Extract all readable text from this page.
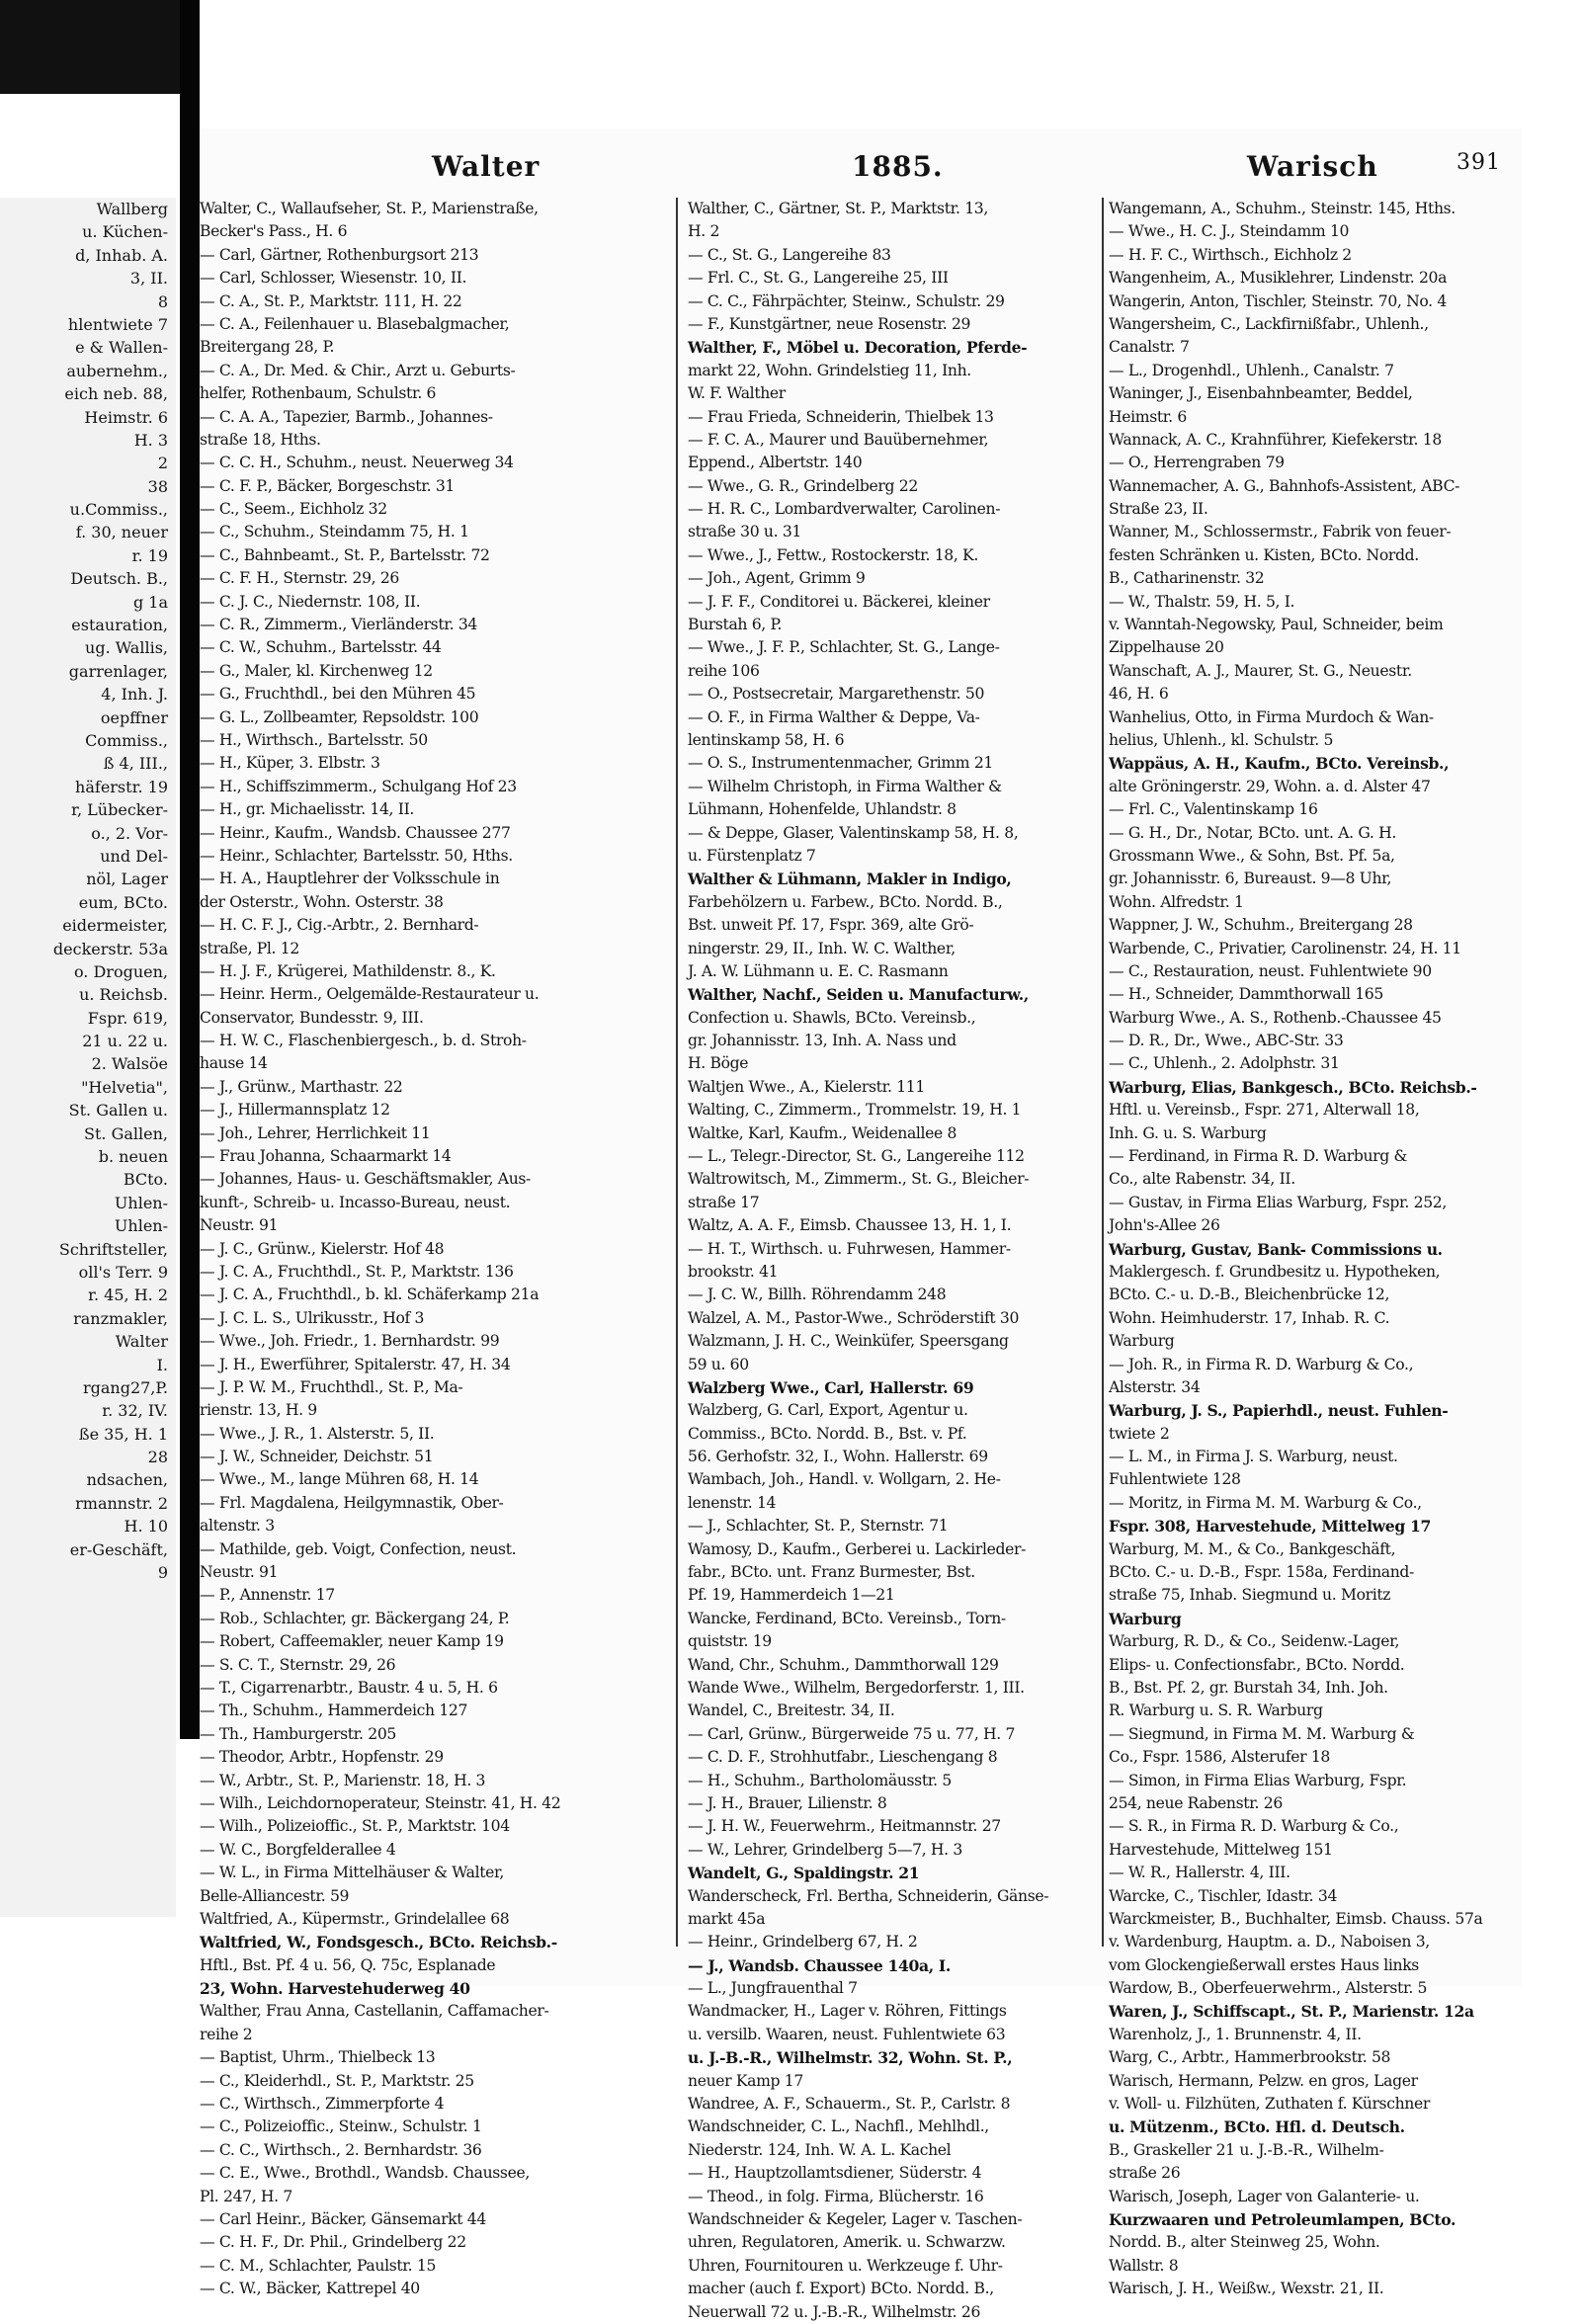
Wallberg
u. Küchen-
d, Inhab. A.
3, II.
8
hlentwiete 7
e & Wallen-
aubernehm.,
eich neb. 88,
Heimstr. 6
H. 3
2
38
u.Commiss.,
f. 30, neuer
r. 19
Deutsch. B.,
g 1a
estauration,
ug. Wallis,
garrenlager,
4, Inh. J.
oepffner
Commiss.,
ß 4, III.,
häferstr. 19
r, Lübecker-
o., 2. Vor-
und Del-
nöl, Lager
eum, BCto.
eidermeister,
deckerstr. 53a
o. Droguen,
u. Reichsb.
Fspr. 619,
21 u. 22 u.
2. Walsöe
"Helvetia",
St. Gallen u.
St. Gallen,
b. neuen
BCto.
Uhlen-
Uhlen-
Schriftsteller,
oll's Terr. 9
r. 45, H. 2
ranzmakler,
Walter
I.
rgang27,P.
r. 32, IV.
ße 35, H. 1
28
ndsachen,
rmannstr. 2
H. 10
er-Geschäft,
9
Walter	1885.	Warisch	391
Walter, C., Wallaufseher, St. P., Marienstraße,
Becker's Pass., H. 6
— Carl, Gärtner, Rothenburgsort 213
— Carl, Schlosser, Wiesenstr. 10, II.
— C. A., St. P., Marktstr. 111, H. 22
— C. A., Feilenhauer u. Blasebalgmacher,
Breitergang 28, P.
— C. A., Dr. Med. & Chir., Arzt u. Geburts-
helfer, Rothenbaum, Schulstr. 6
— C. A. A., Tapezier, Barmb., Johannes-
straße 18, Hths.
— C. C. H., Schuhm., neust. Neuerweg 34
— C. F. P., Bäcker, Borgeschstr. 31
— C., Seem., Eichholz 32
— C., Schuhm., Steindamm 75, H. 1
— C., Bahnbeamt., St. P., Bartelsstr. 72
— C. F. H., Sternstr. 29, 26
— C. J. C., Niedernstr. 108, II.
— C. R., Zimmerm., Vierländerstr. 34
— C. W., Schuhm., Bartelsstr. 44
— G., Maler, kl. Kirchenweg 12
— G., Fruchthdl., bei den Mühren 45
— G. L., Zollbeamter, Repsoldstr. 100
— H., Wirthsch., Bartelsstr. 50
— H., Küper, 3. Elbstr. 3
— H., Schiffszimmerm., Schulgang Hof 23
— H., gr. Michaelisstr. 14, II.
— Heinr., Kaufm., Wandsb. Chaussee 277
— Heinr., Schlachter, Bartelsstr. 50, Hths.
— H. A., Hauptlehrer der Volksschule in
der Osterstr., Wohn. Osterstr. 38
— H. C. F. J., Cig.-Arbtr., 2. Bernhard-
straße, Pl. 12
— H. J. F., Krügerei, Mathildenstr. 8., K.
— Heinr. Herm., Oelgemälde-Restaurateur u.
Conservator, Bundesstr. 9, III.
— H. W. C., Flaschenbiergesch., b. d. Stroh-
hause 14
— J., Grünw., Marthastr. 22
— J., Hillermannsplatz 12
— Joh., Lehrer, Herrlichkeit 11
— Frau Johanna, Schaarmarkt 14
— Johannes, Haus- u. Geschäftsmakler, Aus-
kunft-, Schreib- u. Incasso-Bureau, neust.
Neustr. 91
— J. C., Grünw., Kielerstr. Hof 48
— J. C. A., Fruchthdl., St. P., Marktstr. 136
— J. C. A., Fruchthdl., b. kl. Schäferkamp 21a
— J. C. L. S., Ulrikusstr., Hof 3
— Wwe., Joh. Friedr., 1. Bernhardstr. 99
— J. H., Ewerführer, Spitalerstr. 47, H. 34
— J. P. W. M., Fruchthdl., St. P., Ma-
rienstr. 13, H. 9
— Wwe., J. R., 1. Alsterstr. 5, II.
— J. W., Schneider, Deichstr. 51
— Wwe., M., lange Mühren 68, H. 14
— Frl. Magdalena, Heilgymnastik, Ober-
altenstr. 3
— Mathilde, geb. Voigt, Confection, neust.
Neustr. 91
— P., Annenstr. 17
— Rob., Schlachter, gr. Bäckergang 24, P.
— Robert, Caffeemakler, neuer Kamp 19
— S. C. T., Sternstr. 29, 26
— T., Cigarrenarbtr., Baustr. 4 u. 5, H. 6
— Th., Schuhm., Hammerdeich 127
— Th., Hamburgerstr. 205
— Theodor, Arbtr., Hopfenstr. 29
— W., Arbtr., St. P., Marienstr. 18, H. 3
— Wilh., Leichdornoperateur, Steinstr. 41, H. 42
— Wilh., Polizeioffic., St. P., Marktstr. 104
— W. C., Borgfelderallee 4
— W. L., in Firma Mittelhäuser & Walter,
Belle-Alliancestr. 59
Waltfried, A., Küpermstr., Grindelallee 68
Waltfried, W., Fondsgesch., BCto. Reichsb.-
Hftl., Bst. Pf. 4 u. 56, Q. 75c, Esplanade
23, Wohn. Harvestehuderweg 40
Walther, Frau Anna, Castellanin, Caffamacher-
reihe 2
— Baptist, Uhrm., Thielbeck 13
— C., Kleiderhdl., St. P., Marktstr. 25
— C., Wirthsch., Zimmerpforte 4
— C., Polizeioffic., Steinw., Schulstr. 1
— C. C., Wirthsch., 2. Bernhardstr. 36
— C. E., Wwe., Brothdl., Wandsb. Chaussee,
Pl. 247, H. 7
— Carl Heinr., Bäcker, Gänsemarkt 44
— C. H. F., Dr. Phil., Grindelberg 22
— C. M., Schlachter, Paulstr. 15
— C. W., Bäcker, Kattrepel 40
Walther, C., Gärtner, St. P., Marktstr. 13,
H. 2
— C., St. G., Langereihe 83
— Frl. C., St. G., Langereihe 25, III
— C. C., Fährpächter, Steinw., Schulstr. 29
— F., Kunstgärtner, neue Rosenstr. 29
Walther, F., Möbel u. Decoration, Pferde-
markt 22, Wohn. Grindelstieg 11, Inh.
W. F. Walther
— Frau Frieda, Schneiderin, Thielbek 13
— F. C. A., Maurer und Bauübernehmer,
Eppend., Albertstr. 140
— Wwe., G. R., Grindelberg 22
— H. R. C., Lombardverwalter, Carolinen-
straße 30 u. 31
— Wwe., J., Fettw., Rostockerstr. 18, K.
— Joh., Agent, Grimm 9
— J. F. F., Conditorei u. Bäckerei, kleiner
Burstah 6, P.
— Wwe., J. F. P., Schlachter, St. G., Lange-
reihe 106
— O., Postsecretair, Margarethenstr. 50
— O. F., in Firma Walther & Deppe, Va-
lentinskamp 58, H. 6
— O. S., Instrumentenmacher, Grimm 21
— Wilhelm Christoph, in Firma Walther &
Lühmann, Hohenfelde, Uhlandstr. 8
— & Deppe, Glaser, Valentinskamp 58, H. 8,
u. Fürstenplatz 7
Walther & Lühmann, Makler in Indigo,
Farbehölzern u. Farbew., BCto. Nordd. B.,
Bst. unweit Pf. 17, Fspr. 369, alte Grö-
ningerstr. 29, II., Inh. W. C. Walther,
J. A. W. Lühmann u. E. C. Rasmann
Walther, Nachf., Seiden u. Manufacturw.,
Confection u. Shawls, BCto. Vereinsb.,
gr. Johannisstr. 13, Inh. A. Nass und
H. Böge
Waltjen Wwe., A., Kielerstr. 111
Walting, C., Zimmerm., Trommelstr. 19, H. 1
Waltke, Karl, Kaufm., Weidenallee 8
— L., Telegr.-Director, St. G., Langereihe 112
Waltrowitsch, M., Zimmerm., St. G., Bleicher-
straße 17
Waltz, A. A. F., Eimsb. Chaussee 13, H. 1, I.
— H. T., Wirthsch. u. Fuhrwesen, Hammer-
brookstr. 41
— J. C. W., Billh. Röhrendamm 248
Walzel, A. M., Pastor-Wwe., Schröderstift 30
Walzmann, J. H. C., Weinküfer, Speersgang
59 u. 60
Walzberg Wwe., Carl, Hallerstr. 69
Walzberg, G. Carl, Export, Agentur u.
Commiss., BCto. Nordd. B., Bst. v. Pf.
56. Gerhofstr. 32, I., Wohn. Hallerstr. 69
Wambach, Joh., Handl. v. Wollgarn, 2. He-
lenenstr. 14
— J., Schlachter, St. P., Sternstr. 71
Wamosy, D., Kaufm., Gerberei u. Lackirleder-
fabr., BCto. unt. Franz Burmester, Bst.
Pf. 19, Hammerdeich 1—21
Wancke, Ferdinand, BCto. Vereinsb., Torn-
quiststr. 19
Wand, Chr., Schuhm., Dammthorwall 129
Wande Wwe., Wilhelm, Bergedorferstr. 1, III.
Wandel, C., Breitestr. 34, II.
— Carl, Grünw., Bürgerweide 75 u. 77, H. 7
— C. D. F., Strohhutfabr., Lieschengang 8
— H., Schuhm., Bartholomäusstr. 5
— J. H., Brauer, Lilienstr. 8
— J. H. W., Feuerwehrm., Heitmannstr. 27
— W., Lehrer, Grindelberg 5—7, H. 3
Wandelt, G., Spaldingstr. 21
Wanderscheck, Frl. Bertha, Schneiderin, Gänse-
markt 45a
— Heinr., Grindelberg 67, H. 2
— J., Wandsb. Chaussee 140a, I.
— L., Jungfrauenthal 7
Wandmacker, H., Lager v. Röhren, Fittings
u. versilb. Waaren, neust. Fuhlentwiete 63
u. J.-B.-R., Wilhelmstr. 32, Wohn. St. P.,
neuer Kamp 17
Wandree, A. F., Schauerm., St. P., Carlstr. 8
Wandschneider, C. L., Nachfl., Mehlhdl.,
Niederstr. 124, Inh. W. A. L. Kachel
— H., Hauptzollamtsdiener, Süderstr. 4
— Theod., in folg. Firma, Blücherstr. 16
Wandschneider & Kegeler, Lager v. Taschen-
uhren, Regulatoren, Amerik. u. Schwarzw.
Uhren, Fournitouren u. Werkzeuge f. Uhr-
macher (auch f. Export) BCto. Nordd. B.,
Neuerwall 72 u. J.-B.-R., Wilhelmstr. 26
Wangemann, A., Schuhm., Steinstr. 145, Hths.
— Wwe., H. C. J., Steindamm 10
— H. F. C., Wirthsch., Eichholz 2
Wangenheim, A., Musiklehrer, Lindenstr. 20a
Wangerin, Anton, Tischler, Steinstr. 70, No. 4
Wangersheim, C., Lackfirnißfabr., Uhlenh.,
Canalstr. 7
— L., Drogenhdl., Uhlenh., Canalstr. 7
Waninger, J., Eisenbahnbeamter, Beddel,
Heimstr. 6
Wannack, A. C., Krahnführer, Kiefekerstr. 18
— O., Herrengraben 79
Wannemacher, A. G., Bahnhofs-Assistent, ABC-
Straße 23, II.
Wanner, M., Schlossermstr., Fabrik von feuer-
festen Schränken u. Kisten, BCto. Nordd.
B., Catharinenstr. 32
— W., Thalstr. 59, H. 5, I.
v. Wanntah-Negowsky, Paul, Schneider, beim
Zippelhause 20
Wanschaft, A. J., Maurer, St. G., Neuestr.
46, H. 6
Wanhelius, Otto, in Firma Murdoch & Wan-
helius, Uhlenh., kl. Schulstr. 5
Wappäus, A. H., Kaufm., BCto. Vereinsb.,
alte Gröningerstr. 29, Wohn. a. d. Alster 47
— Frl. C., Valentinskamp 16
— G. H., Dr., Notar, BCto. unt. A. G. H.
Grossmann Wwe., & Sohn, Bst. Pf. 5a,
gr. Johannisstr. 6, Bureaust. 9—8 Uhr,
Wohn. Alfredstr. 1
Wappner, J. W., Schuhm., Breitergang 28
Warbende, C., Privatier, Carolinenstr. 24, H. 11
— C., Restauration, neust. Fuhlentwiete 90
— H., Schneider, Dammthorwall 165
Warburg Wwe., A. S., Rothenb.-Chaussee 45
— D. R., Dr., Wwe., ABC-Str. 33
— C., Uhlenh., 2. Adolphstr. 31
Warburg, Elias, Bankgesch., BCto. Reichsb.-
Hftl. u. Vereinsb., Fspr. 271, Alterwall 18,
Inh. G. u. S. Warburg
— Ferdinand, in Firma R. D. Warburg &
Co., alte Rabenstr. 34, II.
— Gustav, in Firma Elias Warburg, Fspr. 252,
John's-Allee 26
Warburg, Gustav, Bank- Commissions u.
Maklergesch. f. Grundbesitz u. Hypotheken,
BCto. C.- u. D.-B., Bleichenbrücke 12,
Wohn. Heimhuderstr. 17, Inhab. R. C.
Warburg
— Joh. R., in Firma R. D. Warburg & Co.,
Alsterstr. 34
Warburg, J. S., Papierhdl., neust. Fuhlen-
twiete 2
— L. M., in Firma J. S. Warburg, neust.
Fuhlentwiete 128
— Moritz, in Firma M. M. Warburg & Co.,
Fspr. 308, Harvestehude, Mittelweg 17
Warburg, M. M., & Co., Bankgeschäft,
BCto. C.- u. D.-B., Fspr. 158a, Ferdinand-
straße 75, Inhab. Siegmund u. Moritz
Warburg
Warburg, R. D., & Co., Seidenw.-Lager,
Elips- u. Confectionsfabr., BCto. Nordd.
B., Bst. Pf. 2, gr. Burstah 34, Inh. Joh.
R. Warburg u. S. R. Warburg
— Siegmund, in Firma M. M. Warburg &
Co., Fspr. 1586, Alsterufer 18
— Simon, in Firma Elias Warburg, Fspr.
254, neue Rabenstr. 26
— S. R., in Firma R. D. Warburg & Co.,
Harvestehude, Mittelweg 151
— W. R., Hallerstr. 4, III.
Warcke, C., Tischler, Idastr. 34
Warckmeister, B., Buchhalter, Eimsb. Chauss. 57a
v. Wardenburg, Hauptm. a. D., Naboisen 3,
vom Glockengießerwall erstes Haus links
Wardow, B., Oberfeuerwehrm., Alsterstr. 5
Waren, J., Schiffscapt., St. P., Marienstr. 12a
Warenholz, J., 1. Brunnenstr. 4, II.
Warg, C., Arbtr., Hammerbrookstr. 58
Warisch, Hermann, Pelzw. en gros, Lager
v. Woll- u. Filzhüten, Zuthaten f. Kürschner
u. Mützenm., BCto. Hfl. d. Deutsch.
B., Graskeller 21 u. J.-B.-R., Wilhelm-
straße 26
Warisch, Joseph, Lager von Galanterie- u.
Kurzwaaren und Petroleumlampen, BCto.
Nordd. B., alter Steinweg 25, Wohn.
Wallstr. 8
Warisch, J. H., Weißw., Wexstr. 21, II.
